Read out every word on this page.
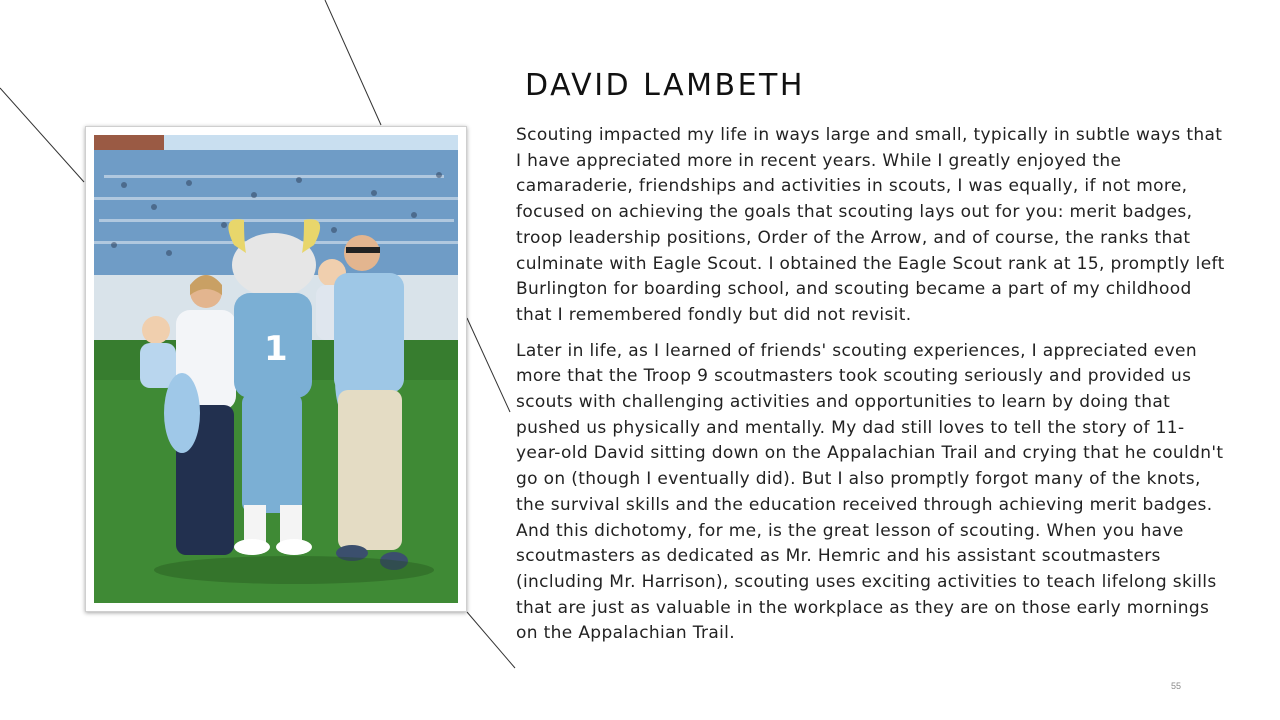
1
DAVID LAMBETH

Scouting impacted my life in ways large and small, typically in subtle ways that I have appreciated more in recent years. While I greatly enjoyed the camaraderie, friendships and activities in scouts, I was equally, if not more, focused on achieving the goals that scouting lays out for you: merit badges, troop leadership positions, Order of the Arrow, and of course, the ranks that culminate with Eagle Scout. I obtained the Eagle Scout rank at 15, promptly left Burlington for boarding school, and scouting became a part of my childhood that I remembered fondly but did not revisit.

Later in life, as I learned of friends' scouting experiences, I appreciated even more that the Troop 9 scoutmasters took scouting seriously and provided us scouts with challenging activities and opportunities to learn by doing that pushed us physically and mentally. My dad still loves to tell the story of 11-year-old David sitting down on the Appalachian Trail and crying that he couldn't go on (though I eventually did). But I also promptly forgot many of the knots, the survival skills and the education received through achieving merit badges. And this dichotomy, for me, is the great lesson of scouting. When you have scoutmasters as dedicated as Mr. Hemric and his assistant scoutmasters (including Mr. Harrison), scouting uses exciting activities to teach lifelong skills that are just as valuable in the workplace as they are on those early mornings on the Appalachian Trail.

55
